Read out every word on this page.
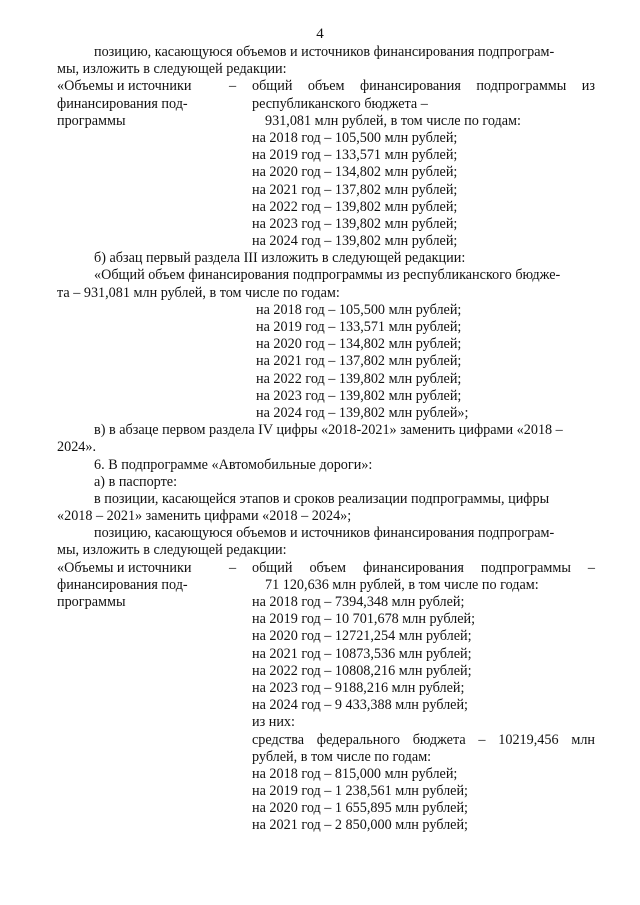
4
позицию, касающуюся объемов и источников финансирования подпрограм-
мы, изложить в следующей редакции:
«Объемы и источники	– общий объем финансирования подпрограммы из
финансирования под-	республиканского бюджета –
программы	931,081 млн рублей, в том числе по годам:
на 2018 год – 105,500 млн рублей;
на 2019 год – 133,571 млн рублей;
на 2020 год – 134,802 млн рублей;
на 2021 год – 137,802 млн рублей;
на 2022 год – 139,802 млн рублей;
на 2023 год – 139,802 млн рублей;
на 2024 год – 139,802 млн рублей;
б) абзац первый раздела III изложить в следующей редакции:
«Общий объем финансирования подпрограммы из республиканского бюдже-
та – 931,081 млн рублей, в том числе по годам:
на 2018 год – 105,500 млн рублей;
на 2019 год – 133,571 млн рублей;
на 2020 год – 134,802 млн рублей;
на 2021 год – 137,802 млн рублей;
на 2022 год – 139,802 млн рублей;
на 2023 год – 139,802 млн рублей;
на 2024 год – 139,802 млн рублей»;
в) в абзаце первом раздела IV цифры «2018-2021» заменить цифрами «2018 –
2024».
6. В подпрограмме «Автомобильные дороги»:
а) в паспорте:
в позиции, касающейся этапов и сроков реализации подпрограммы, цифры
«2018 – 2021» заменить цифрами «2018 – 2024»;
позицию, касающуюся объемов и источников финансирования подпрограм-
мы, изложить в следующей редакции:
«Объемы и источники	– общий объем финансирования подпрограммы –
финансирования под-	71 120,636 млн рублей, в том числе по годам:
программы	на 2018 год – 7394,348 млн рублей;
на 2019 год – 10 701,678 млн рублей;
на 2020 год – 12721,254 млн рублей;
на 2021 год – 10873,536 млн рублей;
на 2022 год – 10808,216 млн рублей;
на 2023 год – 9188,216 млн рублей;
на 2024 год – 9 433,388 млн рублей;
из них:
средства федерального бюджета – 10219,456 млн
рублей, в том числе по годам:
на 2018 год – 815,000 млн рублей;
на 2019 год – 1 238,561 млн рублей;
на 2020 год – 1 655,895 млн рублей;
на 2021 год – 2 850,000 млн рублей;
